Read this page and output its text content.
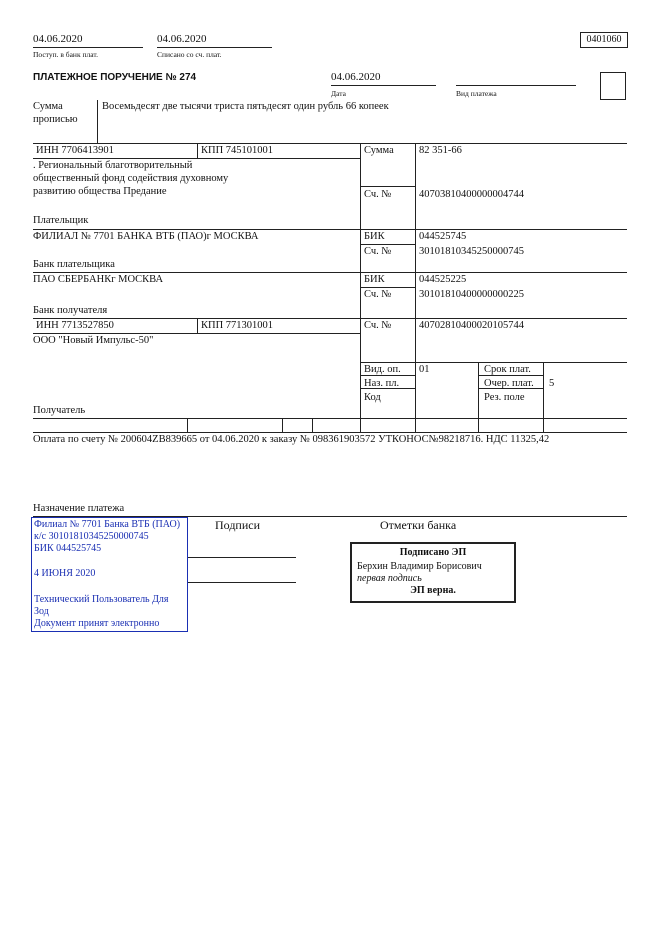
04.06.2020
Поступ. в банк плат.
04.06.2020
Списано со сч. плат.
0401060
ПЛАТЕЖНОЕ ПОРУЧЕНИЕ № 274	04.06.2020
Дата	Вид платежа
Сумма
прописью
Восемьдесят две тысячи триста пятьдесят один рубль 66 копеек
ИНН 7706413901	КПП 745101001	Сумма 82 351-66
. Региональный благотворительный
общественный фонд содействия духовному
развитию общества Предание	Сч. №	40703810400000004744
Плательщик
ФИЛИАЛ № 7701 БАНКА ВТБ (ПАО)г МОСКВА	БИК	044525745
Сч. №	30101810345250000745
Банк плательщика
ПАО СБЕРБАНКг МОСКВА	БИК	044525225
Сч. №	30101810400000000225
Банк получателя
ИНН 7713527850	КПП 771301001	Сч. №	40702810400020105744
ООО "Новый Импульс-50"
Получатель
Вид. оп. 01
Наз. пл.
Код
Срок плат.
Очер. плат. 5
Рез. поле
Оплата по счету № 200604ZB839665 от 04.06.2020 к заказу № 098361903572 УТКОНОС№98218716. НДС 11325,42
Назначение платежа
Подписи	Отметки банка
Филиал № 7701 Банка ВТБ (ПАО)
к/с 30101810345250000745
БИК 044525745
4 ИЮНЯ 2020
Технический Пользователь Для
Зод
Документ принят электронно
Подписано ЭП
Берхин Владимир Борисович
первая подпись
ЭП верна.
